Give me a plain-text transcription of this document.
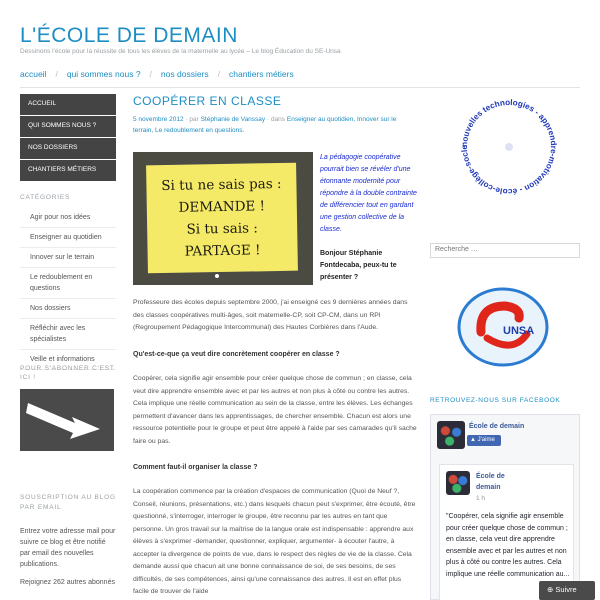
L'ÉCOLE DE DEMAIN
Dessinons l'école pour la réussite de tous les élèves de la maternelle au lycée – Le blog Éducation du SE-Unsa
accueil / qui sommes nous ? / nos dossiers / chantiers métiers
ACCUEIL
QUI SOMMES NOUS ?
NOS DOSSIERS
CHANTIERS MÉTIERS
CATÉGORIES
Agir pour nos idées
Enseigner au quotidien
Innover sur le terrain
Le redoublement en questions
Nos dossiers
Réfléchir avec les spécialistes
Veille et informations
POUR S'ABONNER C'EST ICI !
SOUSCRIPTION AU BLOG PAR EMAIL
Entrez votre adresse mail pour suivre ce blog et être notifié par email des nouvelles publications.
Rejoignez 262 autres abonnés
COOPÉRER EN CLASSE
5 novembre 2012 · par Stéphanie de Vanssay · dans Enseigner au quotidien, Innover sur le terrain, Le redoublement en questions.
Si tu ne sais pas :
DEMANDE !
Si tu sais :
PARTAGE !
La pédagogie coopérative pourrait bien se révéler d'une étonnante modernité pour répondre à la double contrainte de différencier tout en gardant une gestion collective de la classe.
Bonjour Stéphanie Fontdecaba, peux-tu te présenter ?
Professeure des écoles depuis septembre 2000, j'ai enseigné ces 9 dernières années dans des classes coopératives multi-âges, soit maternelle-CP, soit CP-CM, dans un RPI (Regroupement Pédagogique Intercommunal) des Hautes Corbières dans l'Aude.
Qu'est-ce-que ça veut dire concrètement coopérer en classe ?
Coopérer, cela signifie agir ensemble pour créer quelque chose de commun ; en classe, cela veut dire apprendre ensemble avec et par les autres et non plus à côté ou contre les autres. Cela implique une réelle communication au sein de la classe, entre les élèves. Les échanges permettent d'avancer dans les apprentissages, de chercher ensemble. Chacun est alors une ressource potentielle pour le groupe et peut être appelé à l'aide par ses camarades qu'il sache faire ou pas.
Comment faut-il organiser la classe ?
La coopération commence par la création d'espaces de communication (Quoi de Neuf ?, Conseil, réunions, présentations, etc.) dans lesquels chacun peut s'exprimer, être écouté, être questionné, s'interroger, interroger le groupe, être reconnu par les autres en tant que personne. Un gros travail sur la maîtrise de la langue orale est indispensable : apprendre aux élèves à s'exprimer -demander, questionner, expliquer, argumenter- à écouter l'autre, à accepter la divergence de points de vue, dans le respect des règles de vie de la classe. Cela demande aussi que chacun ait une bonne connaissance de soi, de ses besoins, de ses difficultés, de ses compétences, ainsi qu'une connaissance des autres. Il est en effet plus facile de trouver de l'aide
nouvelles technologies - apprendre-motivation - école-collège-socle
Recherche …
UNSA
RETROUVEZ-NOUS SUR FACEBOOK
École de demain
▲ J'aime
École de demain
1 h
"Coopérer, cela signifie agir ensemble pour créer quelque chose de commun ; en classe, cela veut dire apprendre ensemble avec et par les autres et non plus à côté ou contre les autres. Cela implique une réelle communication au...
⊕ Suivre
